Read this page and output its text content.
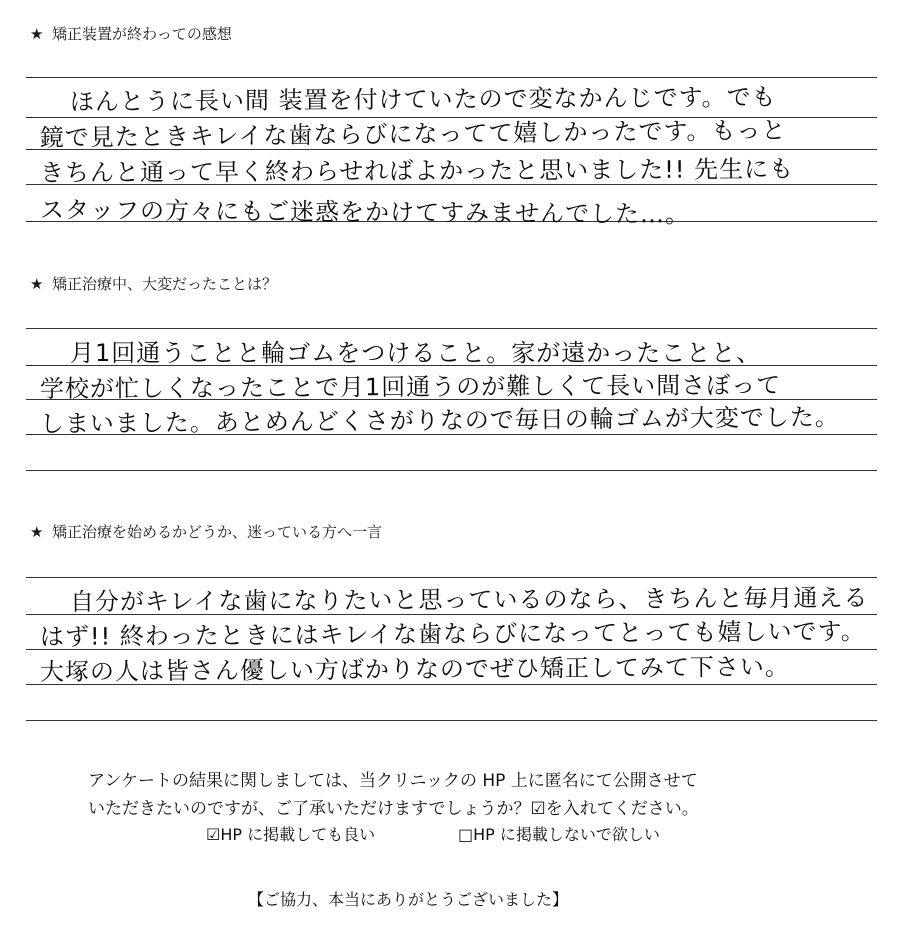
★ 矯正装置が終わっての感想
ほんとうに長い間 装置を付けていたので変なかんじです。でも
鏡で見たときキレイな歯ならびになってて嬉しかったです。もっと
きちんと通って早く終わらせればよかったと思いました!! 先生にも
スタッフの方々にもご迷惑をかけてすみませんでした…。
★ 矯正治療中、大変だったことは？
月1回通うことと輪ゴムをつけること。家が遠かったことと、
学校が忙しくなったことで月1回通うのが難しくて長い間さぼって
しまいました。あとめんどくさがりなので毎日の輪ゴムが大変でした。
★ 矯正治療を始めるかどうか、迷っている方へ一言
自分がキレイな歯になりたいと思っているのなら、きちんと毎月通える
はず!! 終わったときにはキレイな歯ならびになってとっても嬉しいです。
大塚の人は皆さん優しい方ばかりなのでぜひ矯正してみて下さい。
アンケートの結果に関しましては、当クリニックの HP 上に匿名にて公開させて
いただきたいのですが、ご了承いただけますでしょうか？☑を入れてください。
☑HP に掲載しても良い	□HP に掲載しないで欲しい
【ご協力、本当にありがとうございました】
